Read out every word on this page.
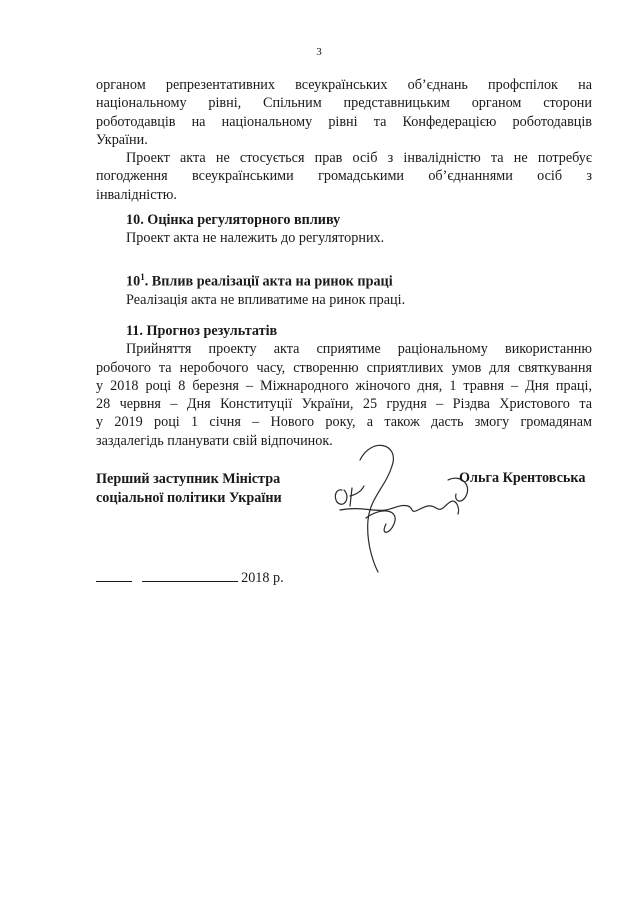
3
органом репрезентативних всеукраїнських об’єднань профспілок на
національному рівні, Спільним представницьким органом сторони
роботодавців на національному рівні та Конфедерацією роботодавців
України.
Проект акта не стосується прав осіб з інвалідністю та не потребує
погодження всеукраїнськими громадськими об’єднаннями осіб з
інвалідністю.
10. Оцінка регуляторного впливу
Проект акта не належить до регуляторних.
$10^1$. Вплив реалізації акта на ринок праці
Реалізація акта не впливатиме на ринок праці.
11. Прогноз результатів
Прийняття проекту акта сприятиме раціональному використанню
робочого та неробочого часу, створенню сприятливих умов для святкування
у 2018 році 8 березня – Міжнародного жіночого дня, 1 травня – Дня праці,
28 червня – Дня Конституції України, 25 грудня – Різдва Христового та
у 2019 році 1 січня – Нового року, а також дасть змогу громадянам
заздалегідь планувати свій відпочинок.
Перший заступник Міністра
соціальної політики України
Ольга Крентовська
2018 р.
